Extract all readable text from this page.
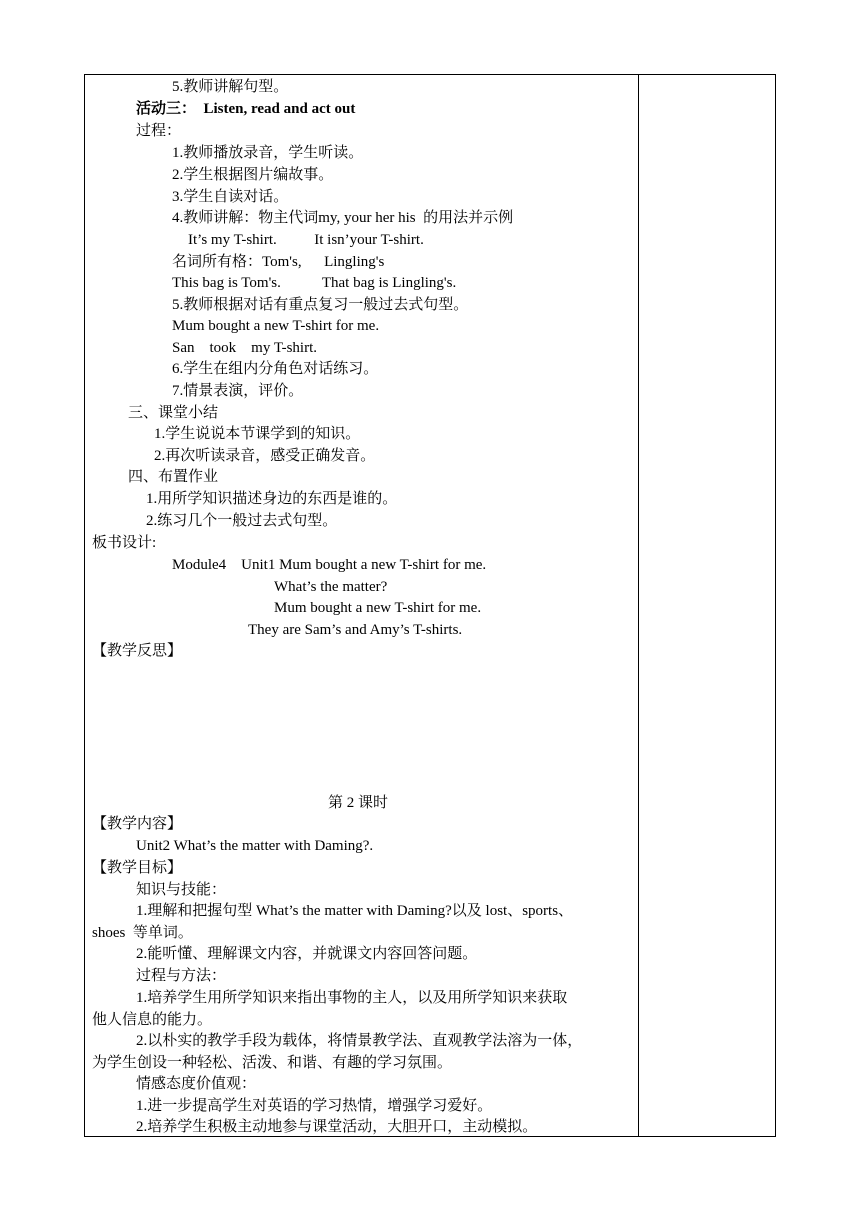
5.教师讲解句型。
活动三：  Listen, read and act out
过程：
1.教师播放录音，学生听读。
2.学生根据图片编故事。
3.学生自读对话。
4.教师讲解：物主代词my, your her his  的用法并示例
It’s my T-shirt.          It isn’your T-shirt.
名词所有格：Tom's,      Lingling's
This bag is Tom's.           That bag is Lingling's.
5.教师根据对话有重点复习一般过去式句型。
Mum bought a new T-shirt for me.
San    took    my T-shirt.
6.学生在组内分角色对话练习。
7.情景表演，评价。
三、课堂小结
1.学生说说本节课学到的知识。
2.再次听读录音，感受正确发音。
四、布置作业
1.用所学知识描述身边的东西是谁的。
2.练习几个一般过去式句型。
板书设计:
Module4    Unit1 Mum bought a new T-shirt for me.
What’s the matter?
Mum bought a new T-shirt for me.
They are Sam’s and Amy’s T-shirts.
【教学反思】
第 2 课时
【教学内容】
Unit2 What’s the matter with Daming?.
【教学目标】
知识与技能：
1.理解和把握句型 What’s the matter with Daming?以及 lost、sports、
shoes  等单词。
2.能听懂、理解课文内容，并就课文内容回答问题。
过程与方法：
1.培养学生用所学知识来指出事物的主人，以及用所学知识来获取
他人信息的能力。
2.以朴实的教学手段为载体，将情景教学法、直观教学法溶为一体，
为学生创设一种轻松、活泼、和谐、有趣的学习氛围。
情感态度价值观：
1.进一步提高学生对英语的学习热情，增强学习爱好。
2.培养学生积极主动地参与课堂活动，大胆开口，主动模拟。
